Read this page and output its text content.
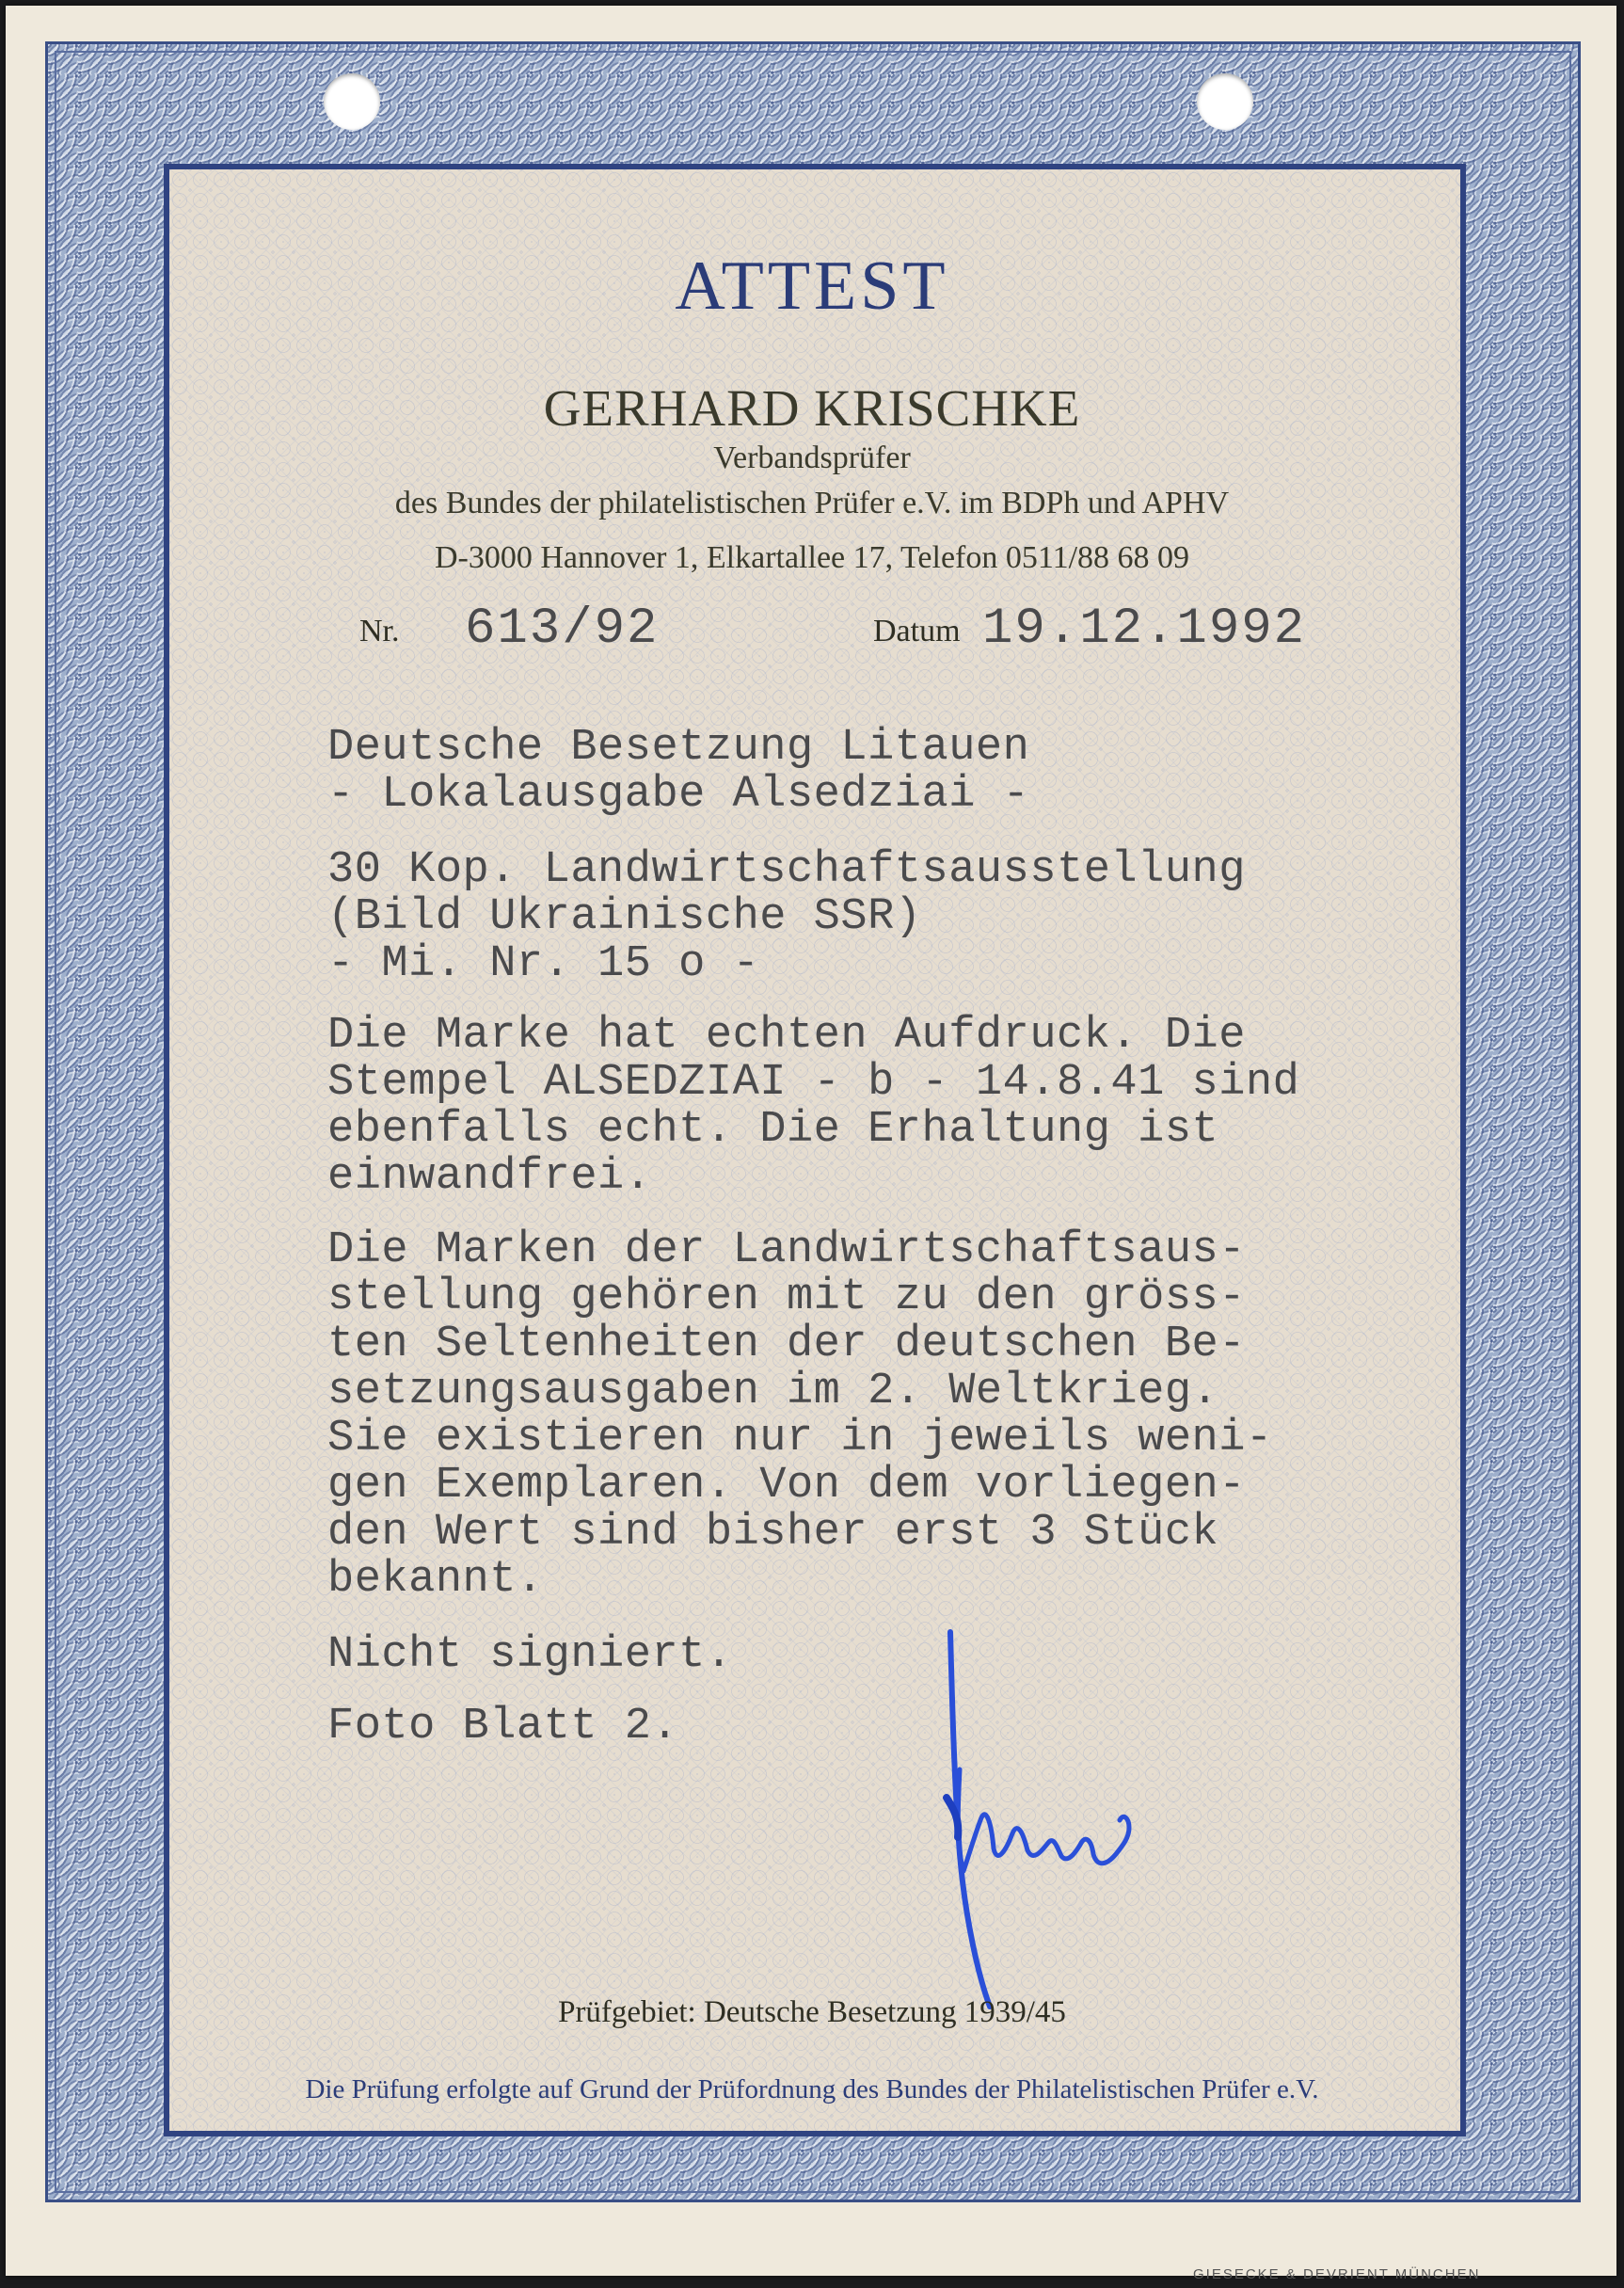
ATTEST
GERHARD KRISCHKE
Verbandsprüfer
des Bundes der philatelistischen Prüfer e.V. im BDPh und APHV
D-3000 Hannover 1, Elkartallee 17, Telefon 0511/88 68 09
Nr. 613/92	Datum 19.12.1992
Deutsche Besetzung Litauen
- Lokalausgabe Alsedziai -
30 Kop. Landwirtschaftsausstellung
(Bild Ukrainische SSR)
- Mi. Nr. 15 o -
Die Marke hat echten Aufdruck. Die
Stempel ALSEDZIAI - b - 14.8.41 sind
ebenfalls echt. Die Erhaltung ist
einwandfrei.
Die Marken der Landwirtschaftsaus-
stellung gehören mit zu den gröss-
ten Seltenheiten der deutschen Be-
setzungsausgaben im 2. Weltkrieg.
Sie existieren nur in jeweils weni-
gen Exemplaren. Von dem vorliegen-
den Wert sind bisher erst 3 Stück
bekannt.
Nicht signiert.
Foto Blatt 2.
Prüfgebiet: Deutsche Besetzung 1939/45
Die Prüfung erfolgte auf Grund der Prüfordnung des Bundes der Philatelistischen Prüfer e.V.
GIESECKE & DEVRIENT MÜNCHEN
